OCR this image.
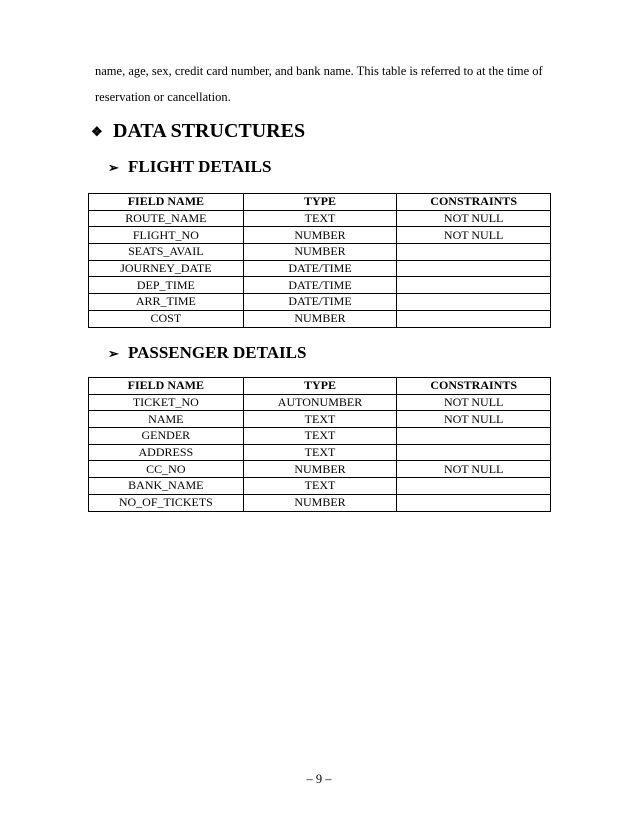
name, age, sex, credit card number, and bank name. This table is referred to at the time of
reservation or cancellation.

❖ DATA STRUCTURES
➢ FLIGHT DETAILS
FIELD NAME	TYPE	CONSTRAINTS
ROUTE_NAME	TEXT	NOT NULL
FLIGHT_NO	NUMBER	NOT NULL
SEATS_AVAIL	NUMBER	
JOURNEY_DATE	DATE/TIME	
DEP_TIME	DATE/TIME	
ARR_TIME	DATE/TIME	
COST	NUMBER	
➢ PASSENGER DETAILS
FIELD NAME	TYPE	CONSTRAINTS
TICKET_NO	AUTONUMBER	NOT NULL
NAME	TEXT	NOT NULL
GENDER	TEXT	
ADDRESS	TEXT	
CC_NO	NUMBER	NOT NULL
BANK_NAME	TEXT	
NO_OF_TICKETS	NUMBER	

– 9 –
